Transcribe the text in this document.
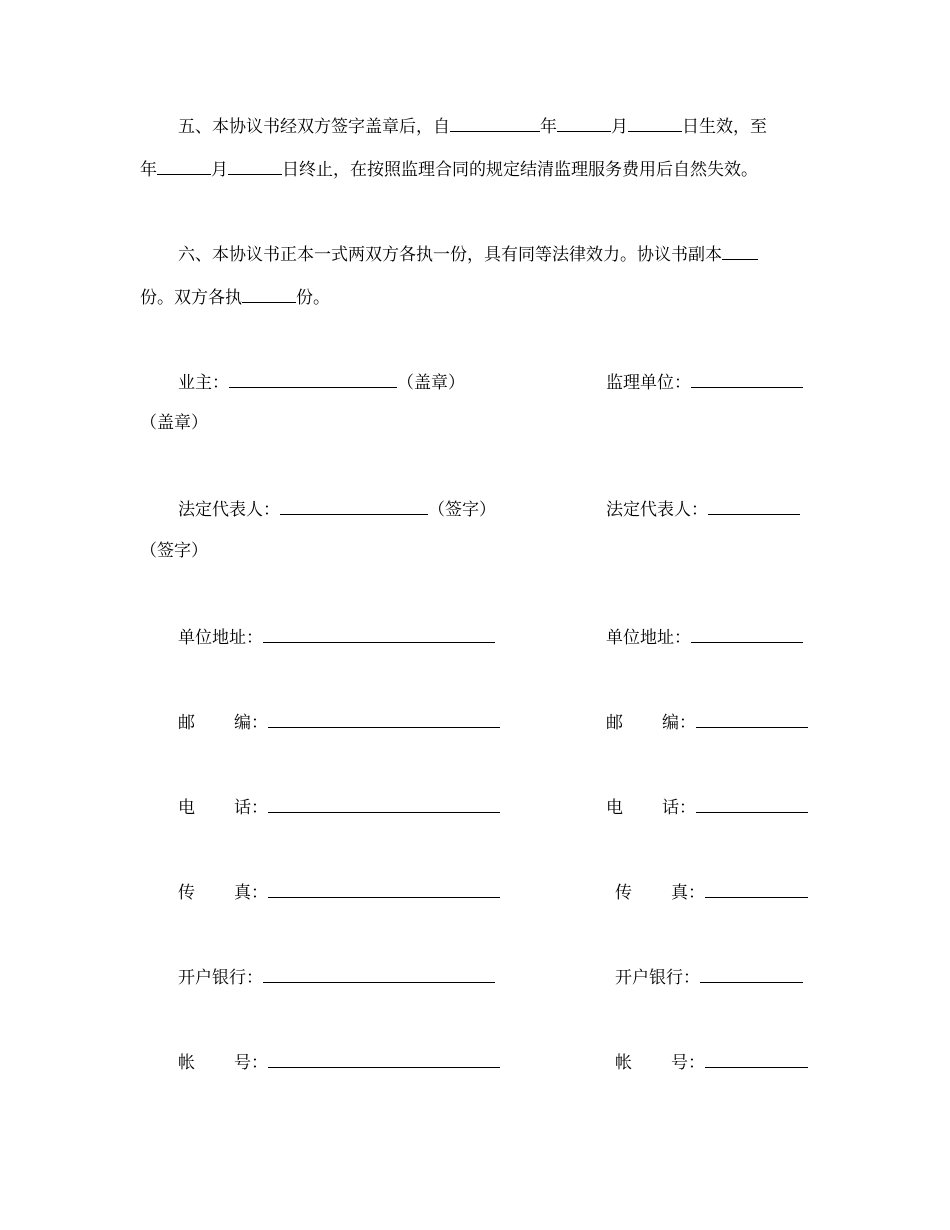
五、本协议书经双方签字盖章后，自	年	月	日生效，至
年	月	日终止，在按照监理合同的规定结清监理服务费用后自然失效。
六、本协议书正本一式两双方各执一份，具有同等法律效力。协议书副本
份。双方各执	份。
业主：	（盖章）	监理单位：
（盖章）
法定代表人：	（签字）	法定代表人：
（签字）
单位地址：	单位地址：
邮 编：	邮 编：
电 话：	电 话：
传 真：	传 真：
开户银行：	开户银行：
帐 号：	帐 号：
